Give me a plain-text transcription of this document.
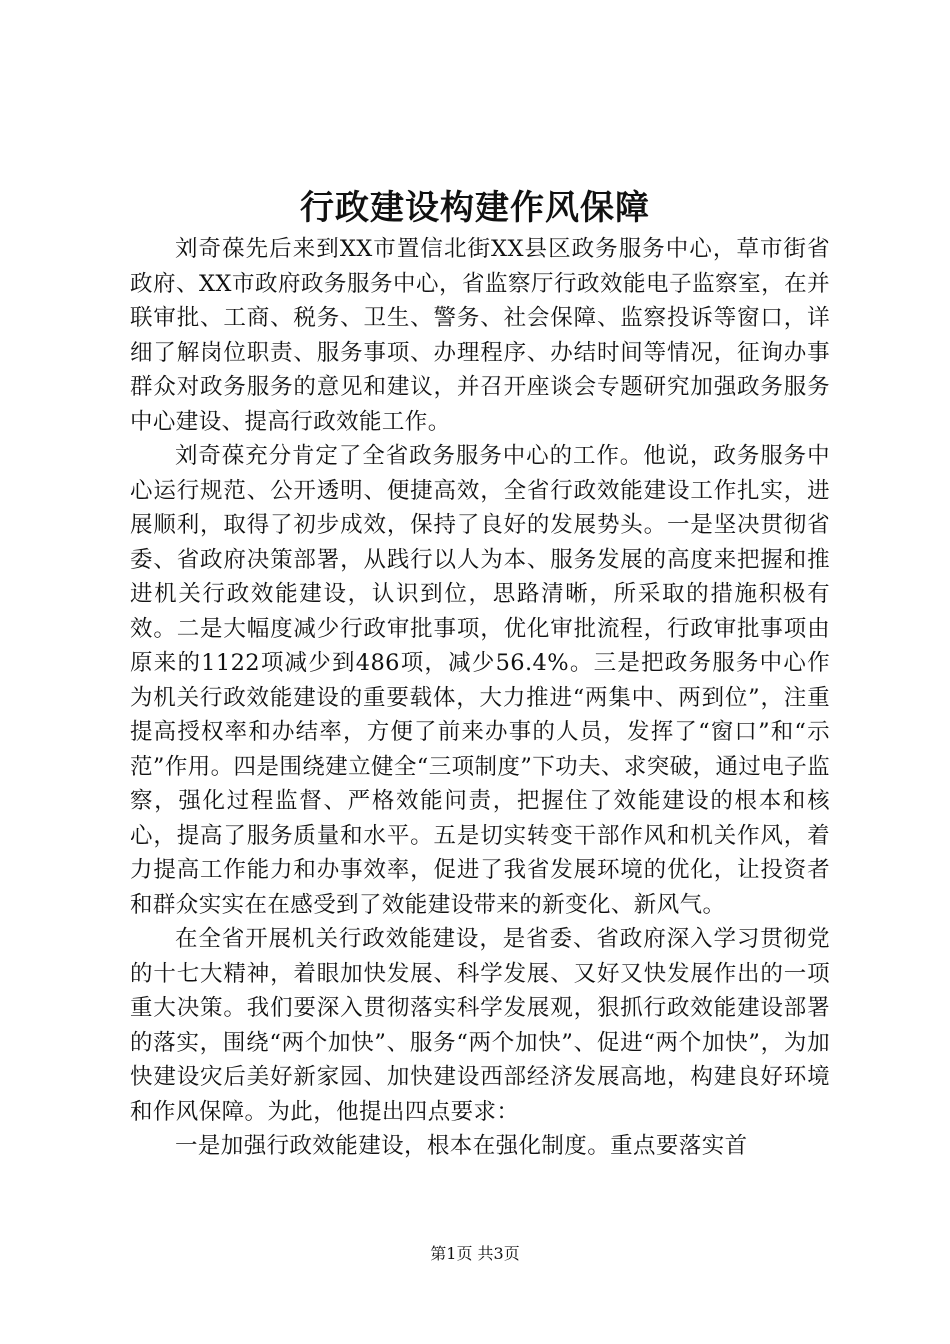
行政建设构建作风保障

刘奇葆先后来到XX市置信北街XX县区政务服务中心，草市街省政府、XX市政府政务服务中心，省监察厅行政效能电子监察室，在并联审批、工商、税务、卫生、警务、社会保障、监察投诉等窗口，详细了解岗位职责、服务事项、办理程序、办结时间等情况，征询办事群众对政务服务的意见和建议，并召开座谈会专题研究加强政务服务中心建设、提高行政效能工作。

刘奇葆充分肯定了全省政务服务中心的工作。他说，政务服务中心运行规范、公开透明、便捷高效，全省行政效能建设工作扎实，进展顺利，取得了初步成效，保持了良好的发展势头。一是坚决贯彻省委、省政府决策部署，从践行以人为本、服务发展的高度来把握和推进机关行政效能建设，认识到位，思路清晰，所采取的措施积极有效。二是大幅度减少行政审批事项，优化审批流程，行政审批事项由原来的1122项减少到486项，减少56.4%。三是把政务服务中心作为机关行政效能建设的重要载体，大力推进“两集中、两到位”，注重提高授权率和办结率，方便了前来办事的人员，发挥了“窗口”和“示范”作用。四是围绕建立健全“三项制度”下功夫、求突破，通过电子监察，强化过程监督、严格效能问责，把握住了效能建设的根本和核心，提高了服务质量和水平。五是切实转变干部作风和机关作风，着力提高工作能力和办事效率，促进了我省发展环境的优化，让投资者和群众实实在在感受到了效能建设带来的新变化、新风气。

在全省开展机关行政效能建设，是省委、省政府深入学习贯彻党的十七大精神，着眼加快发展、科学发展、又好又快发展作出的一项重大决策。我们要深入贯彻落实科学发展观，狠抓行政效能建设部署的落实，围绕“两个加快”、服务“两个加快”、促进“两个加快”，为加快建设灾后美好新家园、加快建设西部经济发展高地，构建良好环境和作风保障。为此，他提出四点要求：

一是加强行政效能建设，根本在强化制度。重点要落实首

第1页 共3页
